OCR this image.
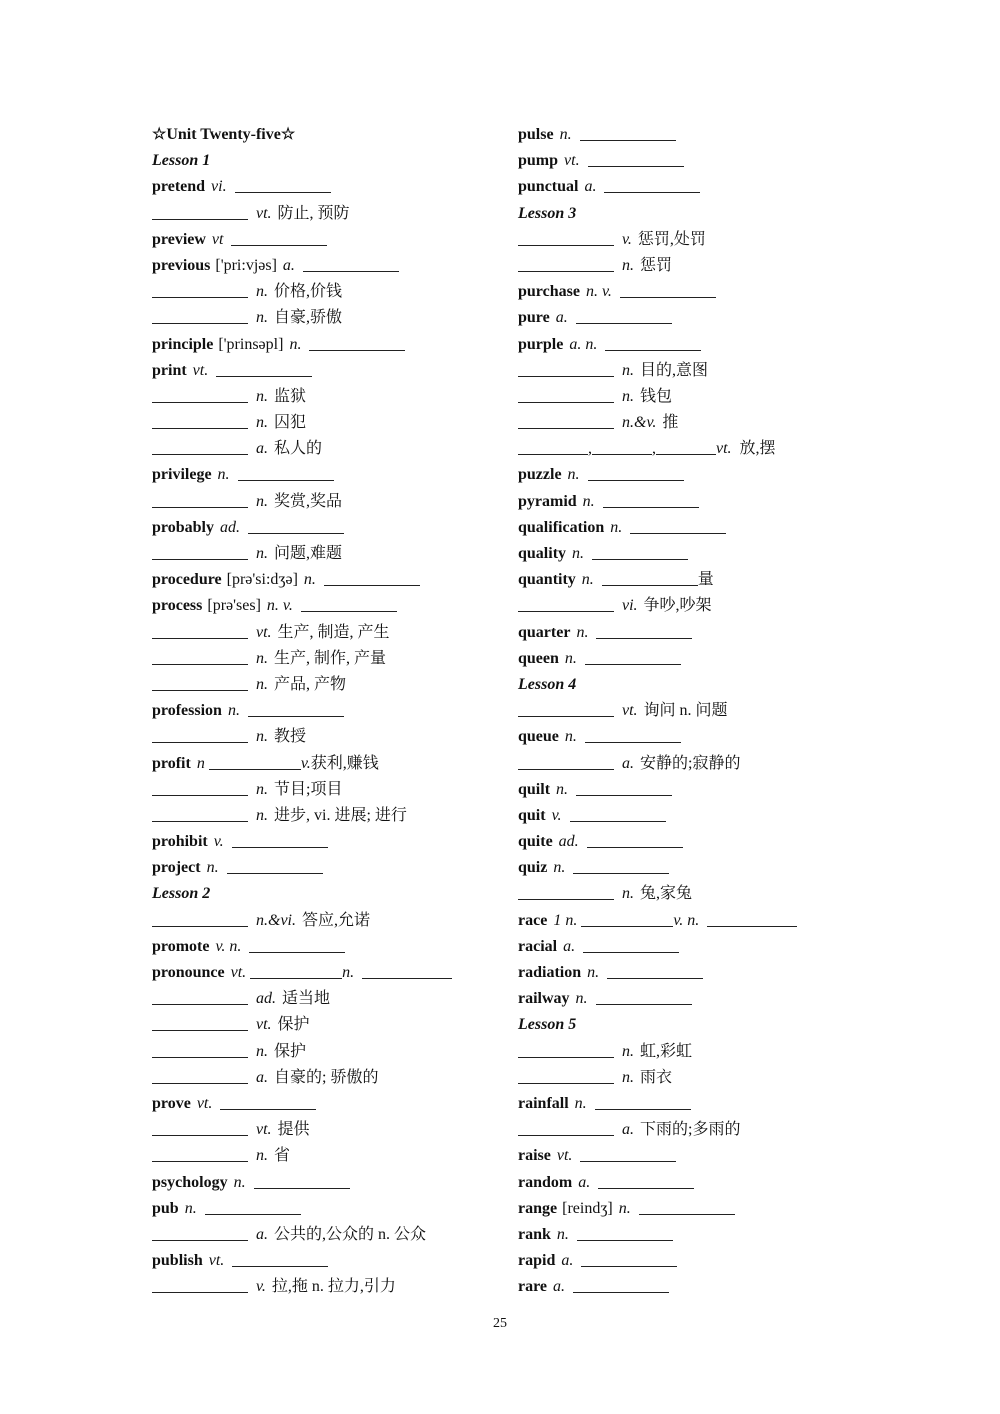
☆Unit Twenty-five☆
Lesson 1
pretend vi.
vt. 防止, 预防
preview vt
previous ['pri:vjəs] a.
n. 价格,价钱
n. 自豪,骄傲
principle ['prinsəpl] n.
print vt.
n. 监狱
n. 囚犯
a. 私人的
privilege n.
n. 奖赏,奖品
probably ad.
n. 问题,难题
procedure [prə'si:dʒə] n.
process [prə'ses] n. v.
vt. 生产, 制造, 产生
n. 生产, 制作, 产量
n. 产品, 产物
profession n.
n. 教授
profit n	v.获利,赚钱
n. 节目;项目
n. 进步, vi. 进展; 进行
prohibit v.
project n.
Lesson 2
n.&vi. 答应,允诺
promote v. n.
pronounce vt.	n.
ad. 适当地
vt. 保护
n. 保护
a. 自豪的; 骄傲的
prove vt.
vt. 提供
n. 省
psychology n.
pub n.
a. 公共的,公众的 n. 公众
publish vt.
v. 拉,拖 n. 拉力,引力
pulse n.
pump vt.
punctual a.
Lesson 3
v. 惩罚,处罚
n. 惩罚
purchase n. v.
pure a.
purple a. n.
n. 目的,意图
n. 钱包
n.&v. 推
,	,	vt. 放,摆
puzzle n.
pyramid n.
qualification n.
quality n.
quantity n.	量
vi. 争吵,吵架
quarter n.
queen n.
Lesson 4
vt. 询问 n. 问题
queue n.
a. 安静的;寂静的
quilt n.
quit v.
quite ad.
quiz n.
n. 兔,家兔
race 1 n.	v. n.
racial a.
radiation n.
railway n.
Lesson 5
n. 虹,彩虹
n. 雨衣
rainfall n.
a. 下雨的;多雨的
raise vt.
random a.
range [reindʒ] n.
rank n.
rapid a.
rare a.
25
